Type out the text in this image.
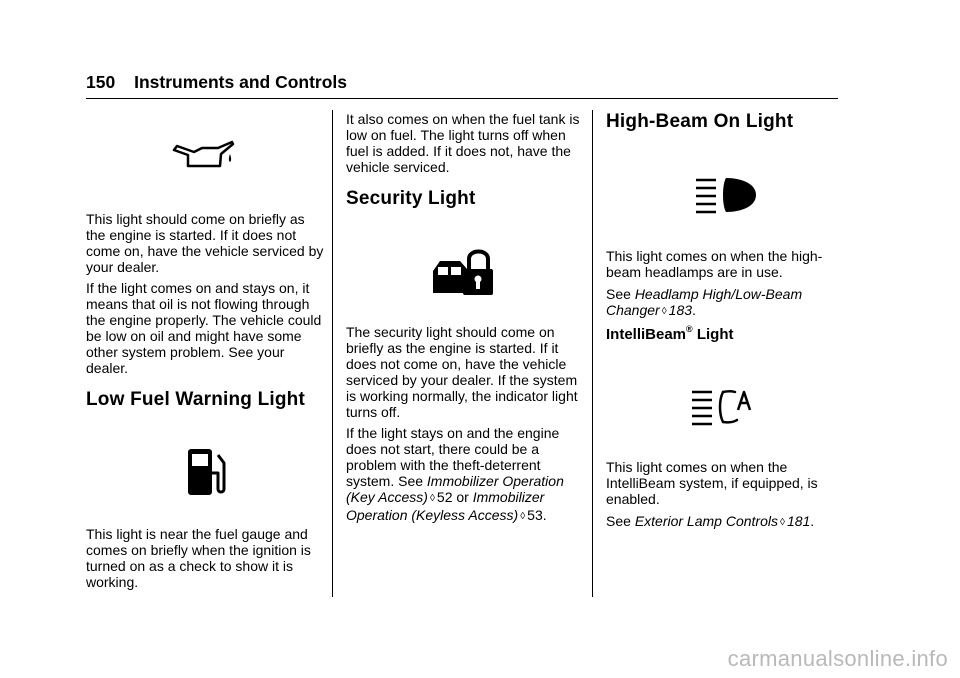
150 Instruments and Controls

This light should come on briefly as the engine is started. If it does not come on, have the vehicle serviced by your dealer.

If the light comes on and stays on, it means that oil is not flowing through the engine properly. The vehicle could be low on oil and might have some other system problem. See your dealer.

Low Fuel Warning Light

This light is near the fuel gauge and comes on briefly when the ignition is turned on as a check to show it is working.

It also comes on when the fuel tank is low on fuel. The light turns off when fuel is added. If it does not, have the vehicle serviced.

Security Light

The security light should come on briefly as the engine is started. If it does not come on, have the vehicle serviced by your dealer. If the system is working normally, the indicator light turns off.

If the light stays on and the engine does not start, there could be a problem with the theft-deterrent system. See Immobilizer Operation (Key Access) ◊ 52 or Immobilizer Operation (Keyless Access) ◊ 53.

High-Beam On Light

This light comes on when the high-beam headlamps are in use.

See Headlamp High/Low-Beam Changer ◊ 183.

IntelliBeam® Light

This light comes on when the IntelliBeam system, if equipped, is enabled.

See Exterior Lamp Controls ◊ 181.

carmanualsonline.info
